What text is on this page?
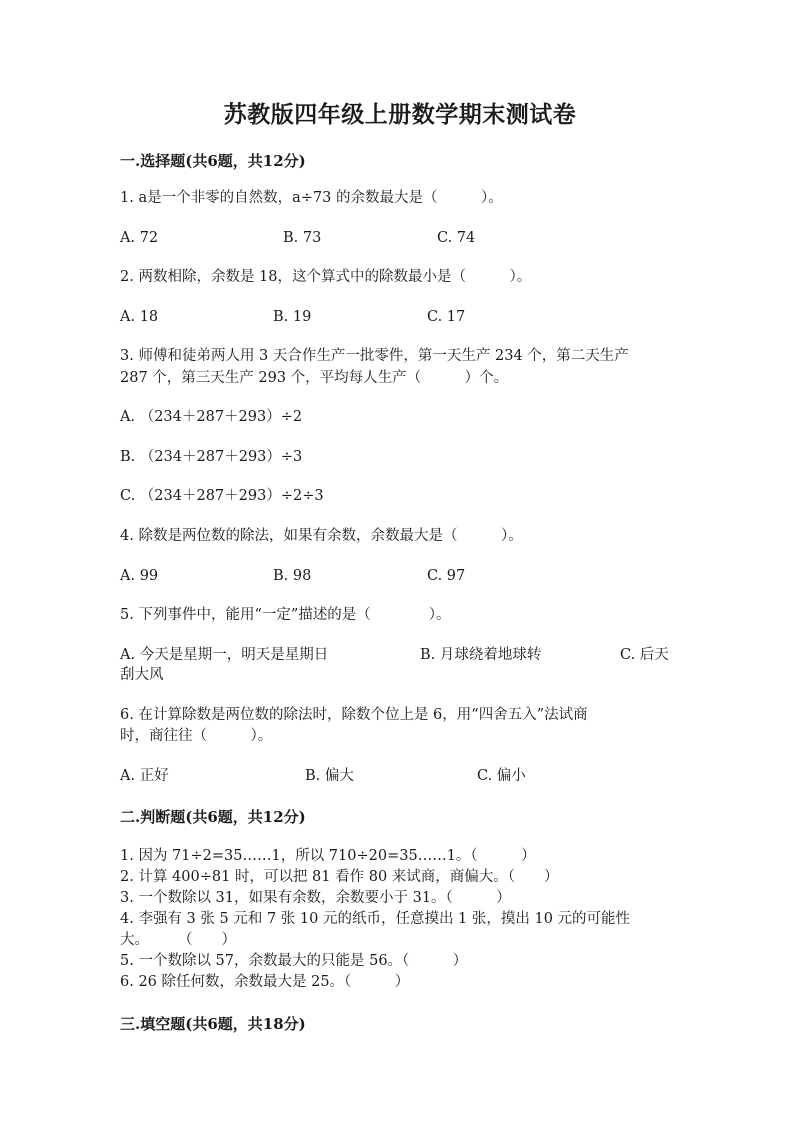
苏教版四年级上册数学期末测试卷
一.选择题(共6题，共12分)
1. a是一个非零的自然数，a÷73 的余数最大是（　　　）。
A. 72	B. 73	C. 74
2. 两数相除，余数是 18，这个算式中的除数最小是（　　　）。
A. 18	B. 19	C. 17
3. 师傅和徒弟两人用 3 天合作生产一批零件，第一天生产 234 个，第二天生产
287 个，第三天生产 293 个，平均每人生产（　　　）个。
A. （234＋287＋293）÷2
B. （234＋287＋293）÷3
C. （234＋287＋293）÷2÷3
4. 除数是两位数的除法，如果有余数，余数最大是（　　　）。
A. 99	B. 98	C. 97
5. 下列事件中，能用“一定”描述的是（　　　　）。
A. 今天是星期一，明天是星期日	B. 月球绕着地球转	C. 后天
刮大风
6. 在计算除数是两位数的除法时，除数个位上是 6，用“四舍五入”法试商
时，商往往（　　　）。
A. 正好	B. 偏大	C. 偏小
二.判断题(共6题，共12分)
1. 因为 71÷2=35……1，所以 710÷20=35……1。（　　　）
2. 计算 400÷81 时，可以把 81 看作 80 来试商，商偏大。（　　）
3. 一个数除以 31，如果有余数，余数要小于 31。（　　　）
4. 李强有 3 张 5 元和 7 张 10 元的纸币，任意摸出 1 张，摸出 10 元的可能性
大。　　　（　　）
5. 一个数除以 57，余数最大的只能是 56。（　　　）
6. 26 除任何数，余数最大是 25。（　　　）
三.填空题(共6题，共18分)
